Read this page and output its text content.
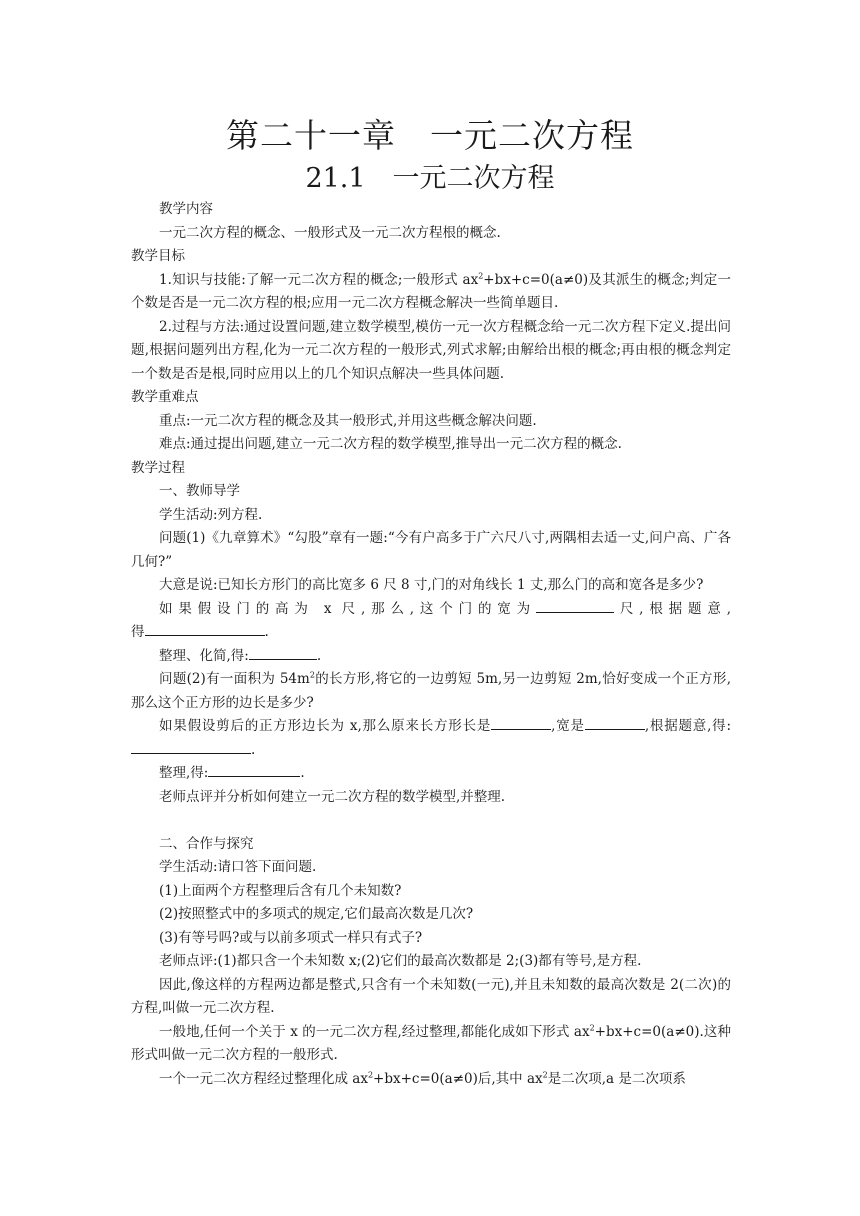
第二十一章　一元二次方程
21.1　一元二次方程

教学内容

一元二次方程的概念、一般形式及一元二次方程根的概念.

教学目标

1.知识与技能:了解一元二次方程的概念;一般形式 $ax^2+bx+c=0(a\ne 0)$及其派生的概念;判定一个数是否是一元二次方程的根;应用一元二次方程概念解决一些简单题目.

2.过程与方法:通过设置问题,建立数学模型,模仿一元一次方程概念给一元二次方程下定义.提出问题,根据问题列出方程,化为一元二次方程的一般形式,列式求解;由解给出根的概念;再由根的概念判定一个数是否是根,同时应用以上的几个知识点解决一些具体问题.

教学重难点

重点:一元二次方程的概念及其一般形式,并用这些概念解决问题.

难点:通过提出问题,建立一元二次方程的数学模型,推导出一元二次方程的概念.

教学过程

一、教师导学

学生活动:列方程.

问题(1)《九章算术》“勾股”章有一题:“今有户高多于广六尺八寸,两隅相去适一丈,问户高、广各几何?”

大意是说:已知长方形门的高比宽多 6 尺 8 寸,门的对角线长 1 丈,那么门的高和宽各是多少?

如果假设门的高为 x 尺,那么,这个门的宽为	尺,根据题意,

得	.

整理、化简,得:	.

问题(2)有一面积为 $54m^2$的长方形,将它的一边剪短 5m,另一边剪短 2m,恰好变成一个正方形,那么这个正方形的边长是多少?

如果假设剪后的正方形边长为 x,那么原来长方形长是	,宽是	,根据题意,得:.

整理,得:	.

老师点评并分析如何建立一元二次方程的数学模型,并整理.

二、合作与探究

学生活动:请口答下面问题.

(1)上面两个方程整理后含有几个未知数?

(2)按照整式中的多项式的规定,它们最高次数是几次?

(3)有等号吗?或与以前多项式一样只有式子?

老师点评:(1)都只含一个未知数 x;(2)它们的最高次数都是 2;(3)都有等号,是方程.

因此,像这样的方程两边都是整式,只含有一个未知数(一元),并且未知数的最高次数是 2(二次)的方程,叫做一元二次方程.

一般地,任何一个关于 x 的一元二次方程,经过整理,都能化成如下形式 $ax^2+bx+c=0(a\ne 0)$.这种形式叫做一元二次方程的一般形式.

一个一元二次方程经过整理化成 $ax^2+bx+c=0(a\ne 0)$后,其中 $ax^2$是二次项,a 是二次项系
